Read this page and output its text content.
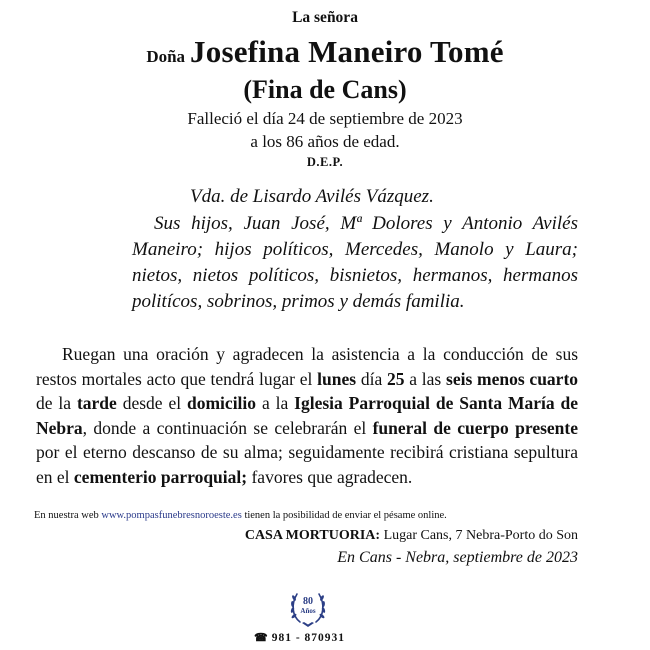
La señora
Doña Josefina Maneiro Tomé
(Fina de Cans)
Falleció el día 24 de septiembre de 2023
a los 86 años de edad.
D.E.P.
Vda. de Lisardo Avilés Vázquez.
Sus hijos, Juan José, Mª Dolores y Antonio Avilés Maneiro; hijos políticos, Mercedes, Manolo y Laura; nietos, nietos políticos, bisnietos, hermanos, hermanos politícos, sobrinos, primos y demás familia.
Ruegan una oración y agradecen la asistencia a la conducción de sus restos mortales acto que tendrá lugar el lunes día 25 a las seis menos cuarto de la tarde desde el domicilio a la Iglesia Parroquial de Santa María de Nebra, donde a continuación se celebrarán el funeral de cuerpo presente por el eterno descanso de su alma; seguidamente recibirá cristiana sepultura en el cementerio parroquial; favores que agradecen.
En nuestra web www.pompasfunebresnoroeste.es tienen la posibilidad de enviar el pésame online.
CASA MORTUORIA: Lugar Cans, 7 Nebra-Porto do Son
En Cans - Nebra, septiembre de 2023
80
Años
☎ 981 - 870931
